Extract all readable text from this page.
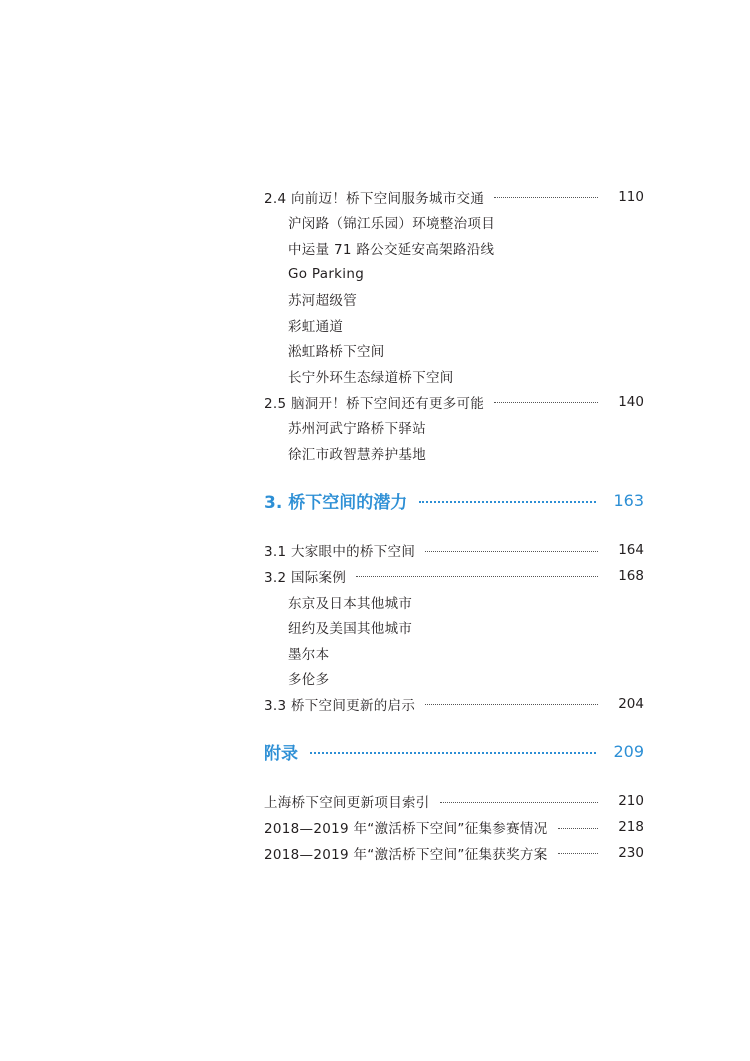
2.4 向前迈！桥下空间服务城市交通	110
沪闵路（锦江乐园）环境整治项目
中运量 71 路公交延安高架路沿线
Go Parking
苏河超级管
彩虹通道
淞虹路桥下空间
长宁外环生态绿道桥下空间
2.5 脑洞开！桥下空间还有更多可能	140
苏州河武宁路桥下驿站
徐汇市政智慧养护基地
3. 桥下空间的潜力	163
3.1 大家眼中的桥下空间	164
3.2 国际案例	168
东京及日本其他城市
纽约及美国其他城市
墨尔本
多伦多
3.3 桥下空间更新的启示	204
附录	209
上海桥下空间更新项目索引	210
2018—2019 年“激活桥下空间”征集参赛情况	218
2018—2019 年“激活桥下空间”征集获奖方案	230
